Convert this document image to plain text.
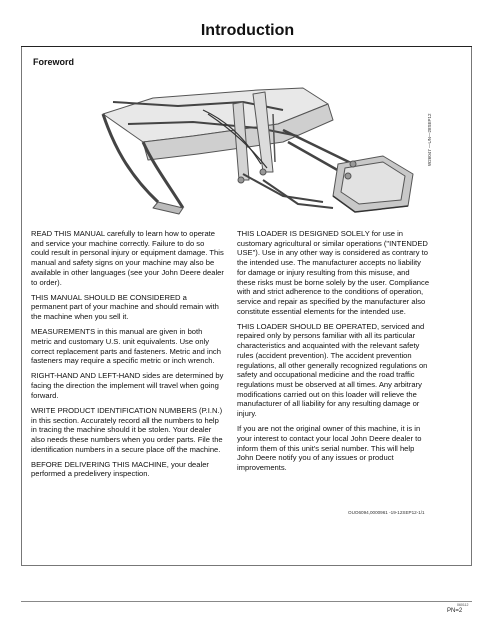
Introduction
Foreword
W26047 —UN—28SEP12

READ THIS MANUAL carefully to learn how to operate and service your machine correctly. Failure to do so could result in personal injury or equipment damage. This manual and safety signs on your machine may also be available in other languages (see your John Deere dealer to order).

THIS MANUAL SHOULD BE CONSIDERED a permanent part of your machine and should remain with the machine when you sell it.

MEASUREMENTS in this manual are given in both metric and customary U.S. unit equivalents. Use only correct replacement parts and fasteners. Metric and inch fasteners may require a specific metric or inch wrench.

RIGHT-HAND AND LEFT-HAND sides are determined by facing the direction the implement will travel when going forward.

WRITE PRODUCT IDENTIFICATION NUMBERS (P.I.N.) in this section. Accurately record all the numbers to help in tracing the machine should it be stolen. Your dealer also needs these numbers when you order parts. File the identification numbers in a secure place off the machine.

BEFORE DELIVERING THIS MACHINE, your dealer performed a predelivery inspection.

THIS LOADER IS DESIGNED SOLELY for use in customary agricultural or similar operations ("INTENDED USE"). Use in any other way is considered as contrary to the intended use. The manufacturer accepts no liability for damage or injury resulting from this misuse, and these risks must be borne solely by the user. Compliance with and strict adherence to the conditions of operation, service and repair as specified by the manufacturer also constitute essential elements for the intended use.

THIS LOADER SHOULD BE OPERATED, serviced and repaired only by persons familiar with all its particular characteristics and acquainted with the relevant safety rules (accident prevention). The accident prevention regulations, all other generally recognized regulations on safety and occupational medicine and the road traffic regulations must be observed at all times. Any arbitrary modifications carried out on this loader will relieve the manufacturer of all liability for any resulting damage or injury.

If you are not the original owner of this machine, it is in your interest to contact your local John Deere dealer to inform them of this unit's serial number. This will help John Deere notify you of any issues or product improvements.

OUO6094,0000961 -19-12SEP12-1/1
060112
PN=2
